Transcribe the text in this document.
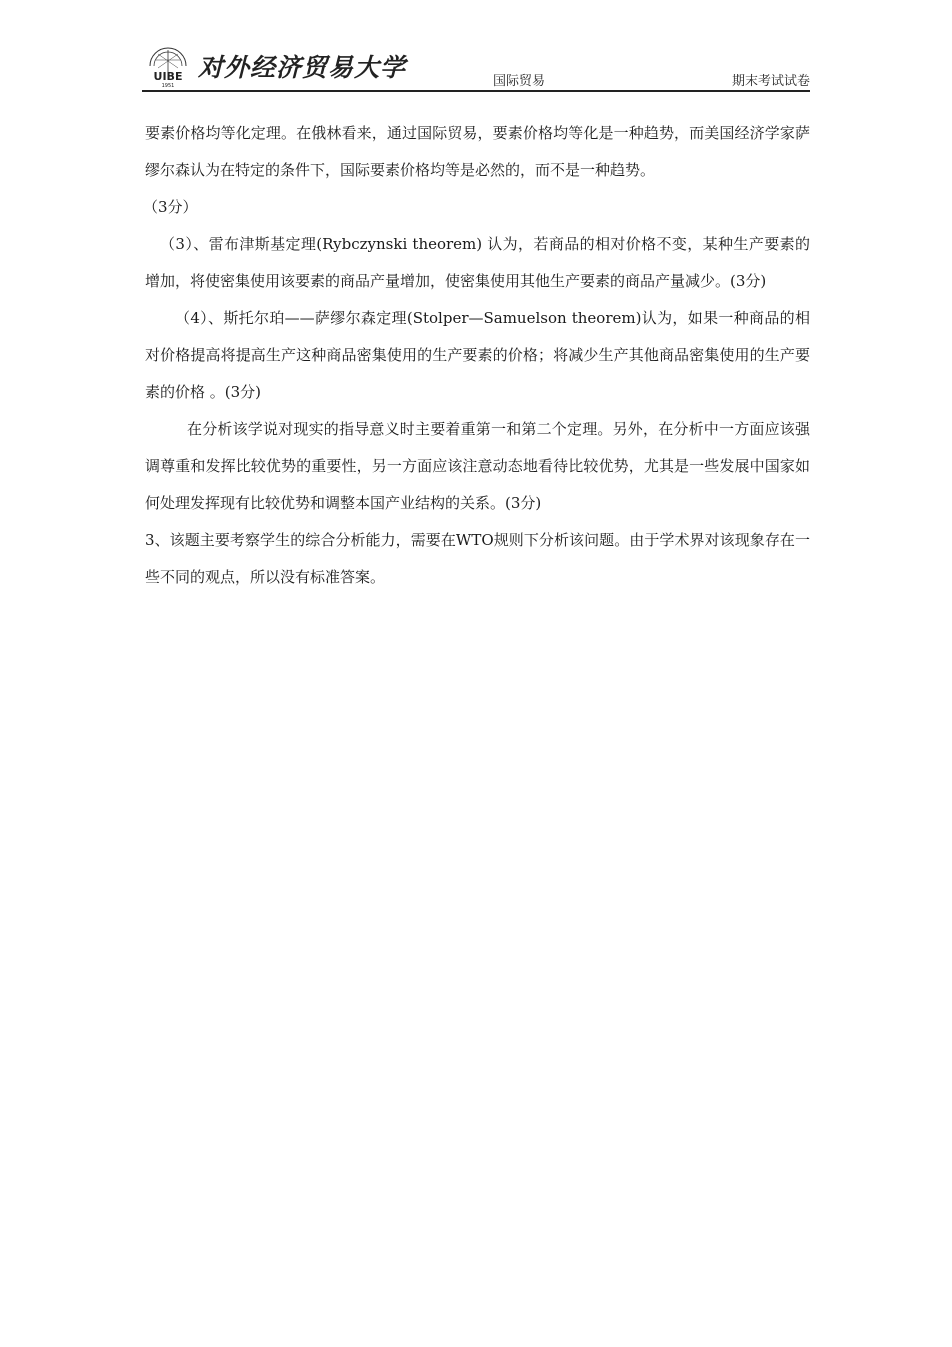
UIBE
1951
对外经济贸易大学	国际贸易	期末考试试卷

要素价格均等化定理。在俄林看来，通过国际贸易，要素价格均等化是一种趋势，而美国经济学家萨缪尔森认为在特定的条件下，国际要素价格均等是必然的，而不是一种趋势。

（3分）

（3）、雷布津斯基定理(Rybczynski theorem) 认为，若商品的相对价格不变，某种生产要素的增加，将使密集使用该要素的商品产量增加，使密集使用其他生产要素的商品产量减少。(3分)

（4）、斯托尔珀——萨缪尔森定理(Stolper—Samuelson theorem)认为，如果一种商品的相对价格提高将提高生产这种商品密集使用的生产要素的价格；将减少生产其他商品密集使用的生产要素的价格 。(3分)

在分析该学说对现实的指导意义时主要着重第一和第二个定理。另外，在分析中一方面应该强调尊重和发挥比较优势的重要性，另一方面应该注意动态地看待比较优势，尤其是一些发展中国家如何处理发挥现有比较优势和调整本国产业结构的关系。(3分)

3、该题主要考察学生的综合分析能力，需要在WTO规则下分析该问题。由于学术界对该现象存在一些不同的观点，所以没有标准答案。
